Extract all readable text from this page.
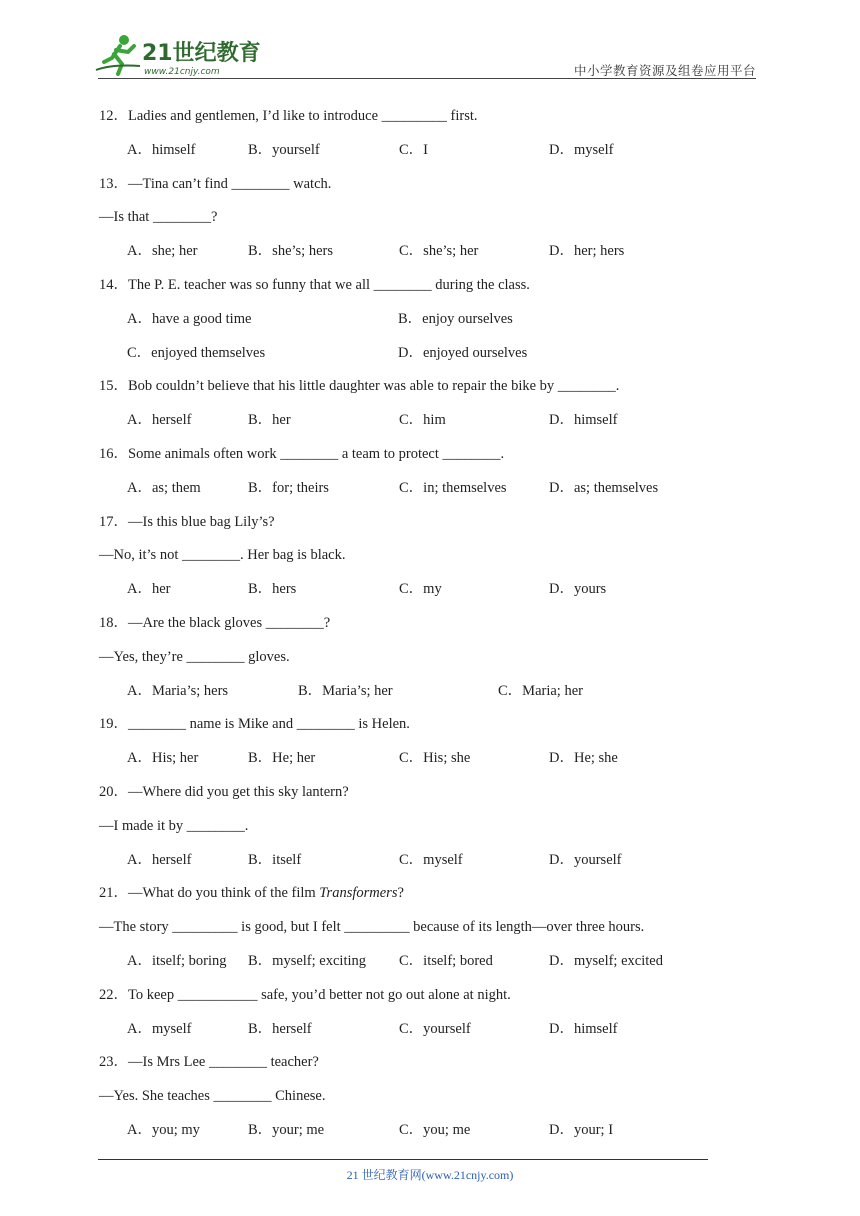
21世纪教育
www.21cnjy.com	中小学教育资源及组卷应用平台
12．Ladies and gentlemen, I’d like to introduce _________ first.
A．himself	B．yourself	C．I	D．myself
13．—Tina can’t find ________ watch.
—Is that ________?
A．she; her	B．she’s; hers	C．she’s; her	D．her; hers
14．The P. E. teacher was so funny that we all ________ during the class.
A．have a good time	B．enjoy ourselves
C．enjoyed themselves	D．enjoyed ourselves
15．Bob couldn’t believe that his little daughter was able to repair the bike by ________.
A．herself	B．her	C．him	D．himself
16．Some animals often work ________ a team to protect ________.
A．as; them	B．for; theirs	C．in; themselves	D．as; themselves
17．—Is this blue bag Lily’s?
—No, it’s not ________. Her bag is black.
A．her	B．hers	C．my	D．yours
18．—Are the black gloves ________?
—Yes, they’re ________ gloves.
A．Maria’s; hers	B．Maria’s; her	C．Maria; her
19．________ name is Mike and ________ is Helen.
A．His; her	B．He; her	C．His; she	D．He; she
20．—Where did you get this sky lantern?
—I made it by ________.
A．herself	B．itself	C．myself	D．yourself
21．—What do you think of the film Transformers?
—The story _________ is good, but I felt _________ because of its length—over three hours.
A．itself; boring B．myself; exciting C．itself; bored	D．myself; excited
22．To keep ___________ safe, you’d better not go out alone at night.
A．myself	B．herself	C．yourself	D．himself
23．—Is Mrs Lee ________ teacher?
—Yes. She teaches ________ Chinese.
A．you; my	B．your; me	C．you; me	D．your; I
21 世纪教育网(www.21cnjy.com)
